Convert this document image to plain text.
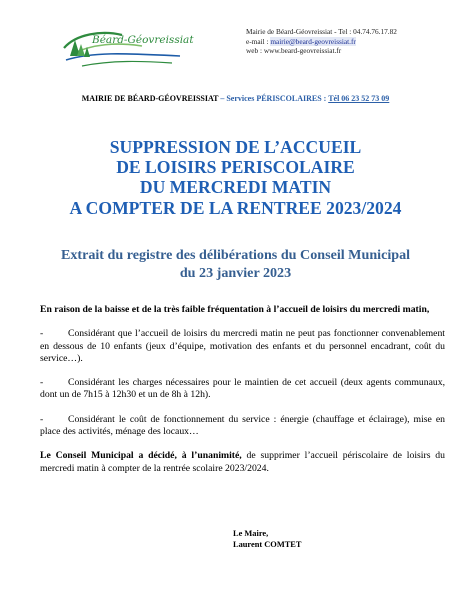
Béard-Géovreissiat
Mairie de Béard-Géovreissiat - Tel : 04.74.76.17.82
e-mail : mairie@beard-geovreissiat.fr
web : www.beard-geovreissiat.fr
MAIRIE DE BÉARD-GÉOVREISSIAT – Services PÉRISCOLAIRES : Tél 06 23 52 73 09
SUPPRESSION DE L’ACCUEIL
DE LOISIRS PERISCOLAIRE
DU MERCREDI MATIN
A COMPTER DE LA RENTREE 2023/2024
Extrait du registre des délibérations du Conseil Municipal
du 23 janvier 2023

En raison de la baisse et de la très faible fréquentation à l’accueil de loisirs du mercredi matin,

-	Considérant que l’accueil de loisirs du mercredi matin ne peut pas fonctionner convenablement en dessous de 10 enfants (jeux d’équipe, motivation des enfants et du personnel encadrant, coût du service…).

-	Considérant les charges nécessaires pour le maintien de cet accueil (deux agents communaux, dont un de 7h15 à 12h30 et un de 8h à 12h).

-	Considérant le coût de fonctionnement du service : énergie (chauffage et éclairage), mise en place des activités, ménage des locaux…

Le Conseil Municipal a décidé, à l’unanimité, de supprimer l’accueil périscolaire de loisirs du mercredi matin à compter de la rentrée scolaire 2023/2024.

Le Maire,
Laurent COMTET
